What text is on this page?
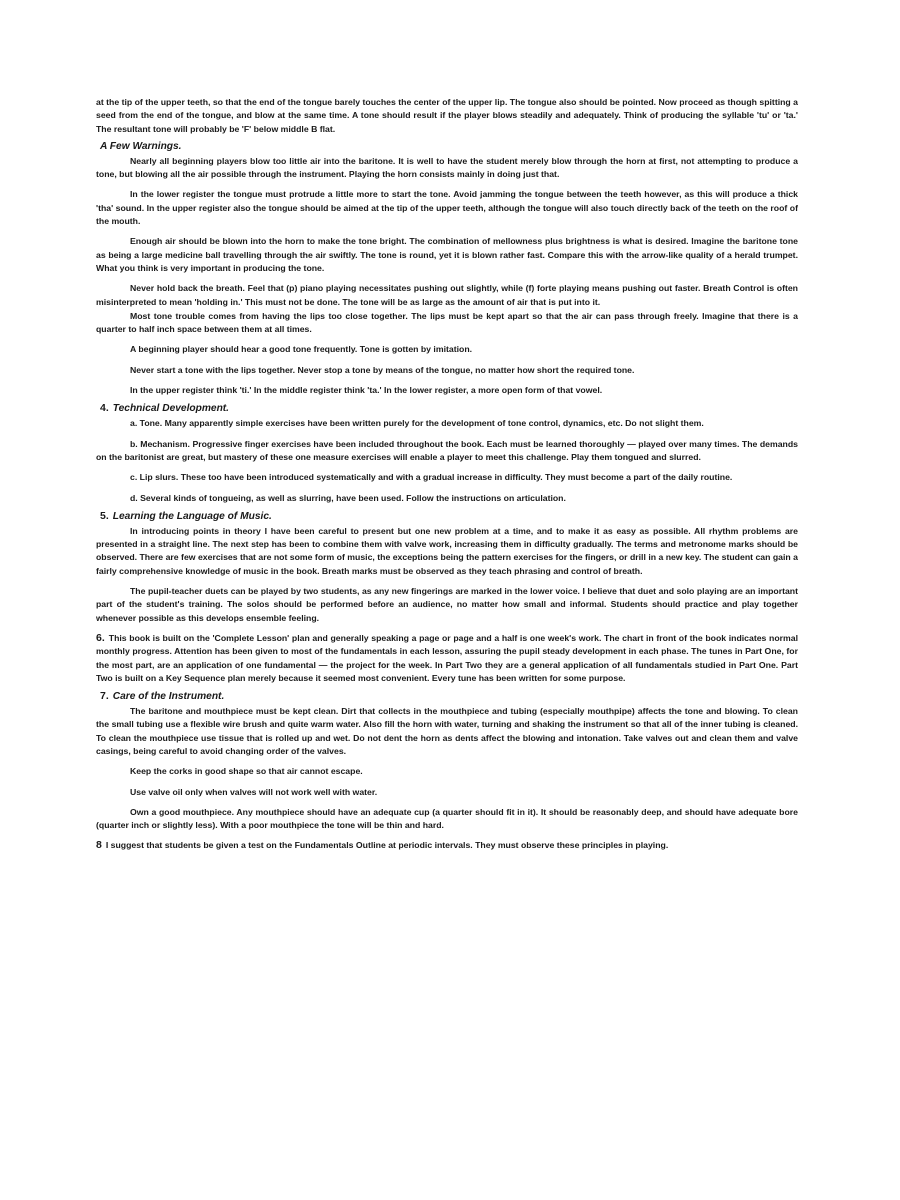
at the tip of the upper teeth, so that the end of the tongue barely touches the center of the upper lip. The tongue also should be pointed. Now proceed as though spitting a seed from the end of the tongue, and blow at the same time. A tone should result if the player blows steadily and adequately. Think of producing the syllable 'tu' or 'ta.' The resultant tone will probably be 'F' below middle B flat.

A Few Warnings.

Nearly all beginning players blow too little air into the baritone. It is well to have the student merely blow through the horn at first, not attempting to produce a tone, but blowing all the air possible through the instrument. Playing the horn consists mainly in doing just that.

In the lower register the tongue must protrude a little more to start the tone. Avoid jamming the tongue between the teeth however, as this will produce a thick 'tha' sound. In the upper register also the tongue should be aimed at the tip of the upper teeth, although the tongue will also touch directly back of the teeth on the roof of the mouth.

Enough air should be blown into the horn to make the tone bright. The combination of mellowness plus brightness is what is desired. Imagine the baritone tone as being a large medicine ball travelling through the air swiftly. The tone is round, yet it is blown rather fast. Compare this with the arrow-like quality of a herald trumpet. What you think is very important in producing the tone.

Never hold back the breath. Feel that (p) piano playing necessitates pushing out slightly, while (f) forte playing means pushing out faster. Breath Control is often misinterpreted to mean 'holding in.' This must not be done. The tone will be as large as the amount of air that is put into it.

Most tone trouble comes from having the lips too close together. The lips must be kept apart so that the air can pass through freely. Imagine that there is a quarter to half inch space between them at all times.

A beginning player should hear a good tone frequently. Tone is gotten by imitation.

Never start a tone with the lips together. Never stop a tone by means of the tongue, no matter how short the required tone.

In the upper register think 'ti.' In the middle register think 'ta.' In the lower register, a more open form of that vowel.

4. Technical Development.

a. Tone. Many apparently simple exercises have been written purely for the development of tone control, dynamics, etc. Do not slight them.

b. Mechanism. Progressive finger exercises have been included throughout the book. Each must be learned thoroughly — played over many times. The demands on the baritonist are great, but mastery of these one measure exercises will enable a player to meet this challenge. Play them tongued and slurred.

c. Lip slurs. These too have been introduced systematically and with a gradual increase in difficulty. They must become a part of the daily routine.

d. Several kinds of tongueing, as well as slurring, have been used. Follow the instructions on articulation.

5. Learning the Language of Music.

In introducing points in theory I have been careful to present but one new problem at a time, and to make it as easy as possible. All rhythm problems are presented in a straight line. The next step has been to combine them with valve work, increasing them in difficulty gradually. The terms and metronome marks should be observed. There are few exercises that are not some form of music, the exceptions being the pattern exercises for the fingers, or drill in a new key. The student can gain a fairly comprehensive knowledge of music in the book. Breath marks must be observed as they teach phrasing and control of breath.

The pupil-teacher duets can be played by two students, as any new fingerings are marked in the lower voice. I believe that duet and solo playing are an important part of the student's training. The solos should be performed before an audience, no matter how small and informal. Students should practice and play together whenever possible as this develops ensemble feeling.

6. This book is built on the 'Complete Lesson' plan and generally speaking a page or page and a half is one week's work. The chart in front of the book indicates normal monthly progress. Attention has been given to most of the fundamentals in each lesson, assuring the pupil steady development in each phase. The tunes in Part One, for the most part, are an application of one fundamental — the project for the week. In Part Two they are a general application of all fundamentals studied in Part One. Part Two is built on a Key Sequence plan merely because it seemed most convenient. Every tune has been written for some purpose.

7. Care of the Instrument.

The baritone and mouthpiece must be kept clean. Dirt that collects in the mouthpiece and tubing (especially mouthpipe) affects the tone and blowing. To clean the small tubing use a flexible wire brush and quite warm water. Also fill the horn with water, turning and shaking the instrument so that all of the inner tubing is cleaned. To clean the mouthpiece use tissue that is rolled up and wet. Do not dent the horn as dents affect the blowing and intonation. Take valves out and clean them and valve casings, being careful to avoid changing order of the valves.

Keep the corks in good shape so that air cannot escape.

Use valve oil only when valves will not work well with water.

Own a good mouthpiece. Any mouthpiece should have an adequate cup (a quarter should fit in it). It should be reasonably deep, and should have adequate bore (quarter inch or slightly less). With a poor mouthpiece the tone will be thin and hard.

8 I suggest that students be given a test on the Fundamentals Outline at periodic intervals. They must observe these principles in playing.
